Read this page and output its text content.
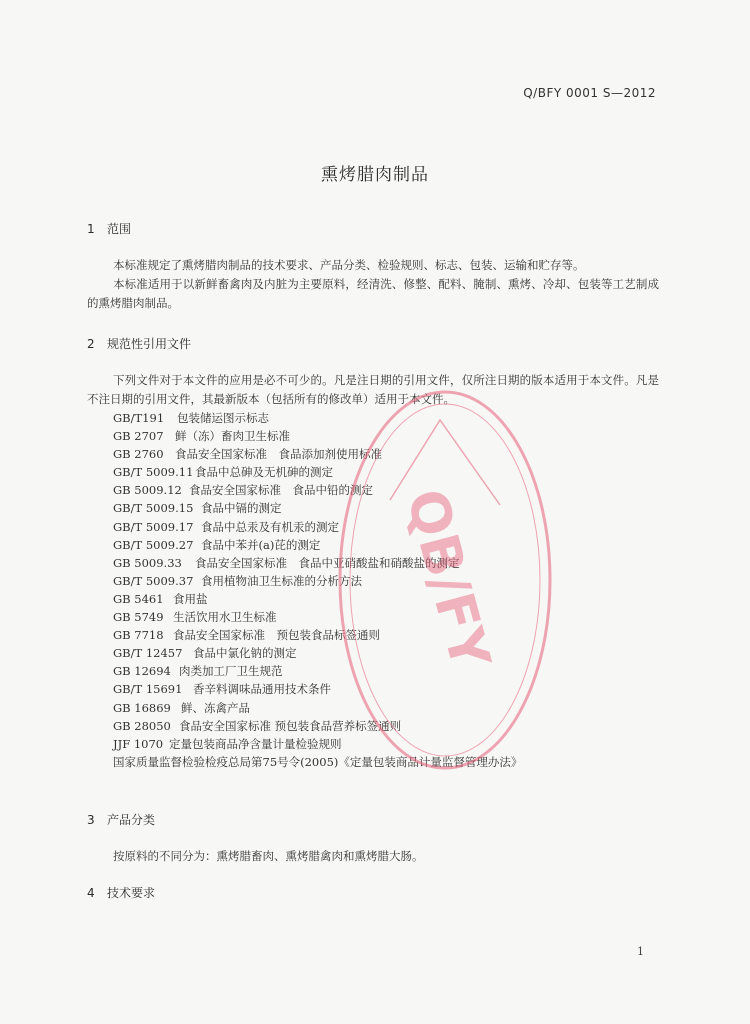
Q/BFY 0001 S—2012
熏烤腊肉制品
1 范围

本标准规定了熏烤腊肉制品的技术要求、产品分类、检验规则、标志、包装、运输和贮存等。

本标准适用于以新鲜畜禽肉及内脏为主要原料，经清洗、修整、配料、腌制、熏烤、冷却、包装等工艺制成的熏烤腊肉制品。

2 规范性引用文件

下列文件对于本文件的应用是必不可少的。凡是注日期的引用文件，仅所注日期的版本适用于本文件。凡是不注日期的引用文件，其最新版本（包括所有的修改单）适用于本文件。

GB/T191 包装储运图示标志
GB 2707 鲜（冻）畜肉卫生标准
GB 2760 食品安全国家标准　食品添加剂使用标准
GB/T 5009.11 食品中总砷及无机砷的测定
GB 5009.12 食品安全国家标准　食品中铅的测定
GB/T 5009.15 食品中镉的测定
GB/T 5009.17 食品中总汞及有机汞的测定
GB/T 5009.27 食品中苯并(a)芘的测定
GB 5009.33 食品安全国家标准　食品中亚硝酸盐和硝酸盐的测定
GB/T 5009.37 食用植物油卫生标准的分析方法
GB 5461 食用盐
GB 5749 生活饮用水卫生标准
GB 7718 食品安全国家标准　预包装食品标签通则
GB/T 12457 食品中氯化钠的测定
GB 12694 肉类加工厂卫生规范
GB/T 15691 香辛料调味品通用技术条件
GB 16869 鲜、冻禽产品
GB 28050 食品安全国家标准 预包装食品营养标签通则
JJF 1070 定量包装商品净含量计量检验规则
国家质量监督检验检疫总局第75号令(2005)《定量包装商品计量监督管理办法》
3 产品分类

按原料的不同分为：熏烤腊畜肉、熏烤腊禽肉和熏烤腊大肠。

4 技术要求
QB/FY
1
